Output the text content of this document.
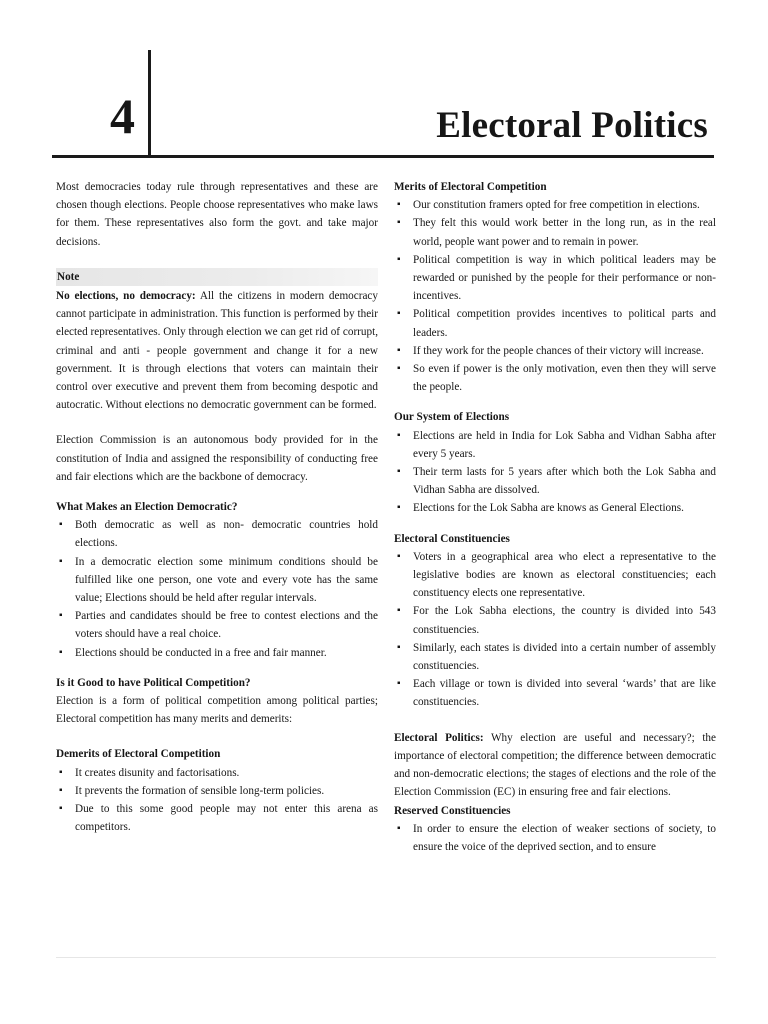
4	Electoral Politics

Most democracies today rule through representatives and these are chosen though elections. People choose representatives who make laws for them. These representatives also form the govt. and take major decisions.

Note

No elections, no democracy: All the citizens in modern democracy cannot participate in administration. This function is performed by their elected representatives. Only through election we can get rid of corrupt, criminal and anti - people government and change it for a new government. It is through elections that voters can maintain their control over executive and prevent them from becoming despotic and autocratic. Without elections no democratic government can be formed.

Election Commission is an autonomous body provided for in the constitution of India and assigned the responsibility of conducting free and fair elections which are the backbone of democracy.

What Makes an Election Democratic?
▪ Both democratic as well as non- democratic countries hold elections.
▪ In a democratic election some minimum conditions should be fulfilled like one person, one vote and every vote has the same value; Elections should be held after regular intervals.
▪ Parties and candidates should be free to contest elections and the voters should have a real choice.
▪ Elections should be conducted in a free and fair manner.
Is it Good to have Political Competition?

Election is a form of political competition among political parties; Electoral competition has many merits and demerits:

Demerits of Electoral Competition
▪ It creates disunity and factorisations.
▪ It prevents the formation of sensible long-term policies.
▪ Due to this some good people may not enter this arena as competitors.
Merits of Electoral Competition
▪ Our constitution framers opted for free competition in elections.
▪ They felt this would work better in the long run, as in the real world, people want power and to remain in power.
▪ Political competition is way in which political leaders may be rewarded or punished by the people for their performance or non-incentives.
▪ Political competition provides incentives to political parts and leaders.
▪ If they work for the people chances of their victory will increase.
▪ So even if power is the only motivation, even then they will serve the people.
Our System of Elections
▪ Elections are held in India for Lok Sabha and Vidhan Sabha after every 5 years.
▪ Their term lasts for 5 years after which both the Lok Sabha and Vidhan Sabha are dissolved.
▪ Elections for the Lok Sabha are knows as General Elections.
Electoral Constituencies
▪ Voters in a geographical area who elect a representative to the legislative bodies are known as electoral constituencies; each constituency elects one representative.
▪ For the Lok Sabha elections, the country is divided into 543 constituencies.
▪ Similarly, each states is divided into a certain number of assembly constituencies.
▪ Each village or town is divided into several ‘wards’ that are like constituencies.

Electoral Politics: Why election are useful and necessary?; the importance of electoral competition; the difference between democratic and non-democratic elections; the stages of elections and the role of the Election Commission (EC) in ensuring free and fair elections.

Reserved Constituencies
▪ In order to ensure the election of weaker sections of society, to ensure the voice of the deprived section, and to ensure
